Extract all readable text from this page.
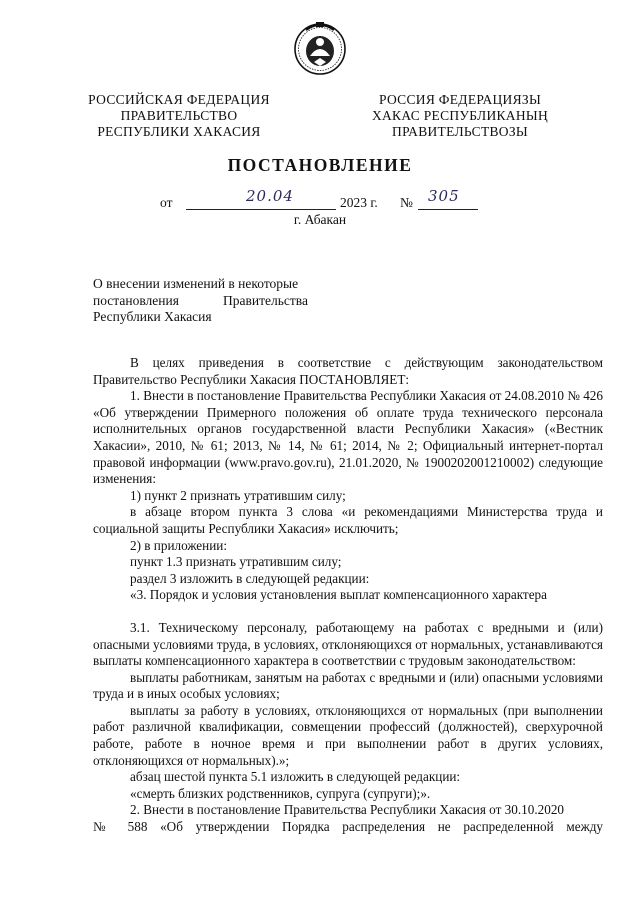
РОССИЙСКАЯ ФЕДЕРАЦИЯ
ПРАВИТЕЛЬСТВО
РЕСПУБЛИКИ ХАКАСИЯ
РОССИЯ ФЕДЕРАЦИЯЗЫ
ХАКАС РЕСПУБЛИКАНЫҢ
ПРАВИТЕЛЬСТВОЗЫ
ПОСТАНОВЛЕНИЕ
от	20.04	2023 г. № 305
г. Абакан
О внесении изменений в некоторые
постановления Правительства
Республики Хакасия

В целях приведения в соответствие с действующим законодательством Правительство Республики Хакасия ПОСТАНОВЛЯЕТ:

1. Внести в постановление Правительства Республики Хакасия от 24.08.2010 № 426 «Об утверждении Примерного положения об оплате труда технического персонала исполнительных органов государственной власти Республики Хакасия» («Вестник Хакасии», 2010, № 61; 2013, № 14, № 61; 2014, № 2; Официальный интернет-портал правовой информации (www.pravo.gov.ru), 21.01.2020, № 1900202001210002) следующие изменения:

1) пункт 2 признать утратившим силу;

в абзаце втором пункта 3 слова «и рекомендациями Министерства труда и социальной защиты Республики Хакасия» исключить;

2) в приложении:

пункт 1.3 признать утратившим силу;

раздел 3 изложить в следующей редакции:

«3. Порядок и условия установления выплат компенсационного характера

3.1. Техническому персоналу, работающему на работах с вредными и (или) опасными условиями труда, в условиях, отклоняющихся от нормальных, устанавливаются выплаты компенсационного характера в соответствии с трудовым законодательством:

выплаты работникам, занятым на работах с вредными и (или) опасными условиями труда и в иных особых условиях;

выплаты за работу в условиях, отклоняющихся от нормальных (при выполнении работ различной квалификации, совмещении профессий (должностей), сверхурочной работе, работе в ночное время и при выполнении работ в других условиях, отклоняющихся от нормальных).»;

абзац шестой пункта 5.1 изложить в следующей редакции:

«смерть близких родственников, супруга (супруги);».

2. Внести в постановление Правительства Республики Хакасия от 30.10.2020

№ 588 «Об утверждении Порядка распределения не распределенной между
